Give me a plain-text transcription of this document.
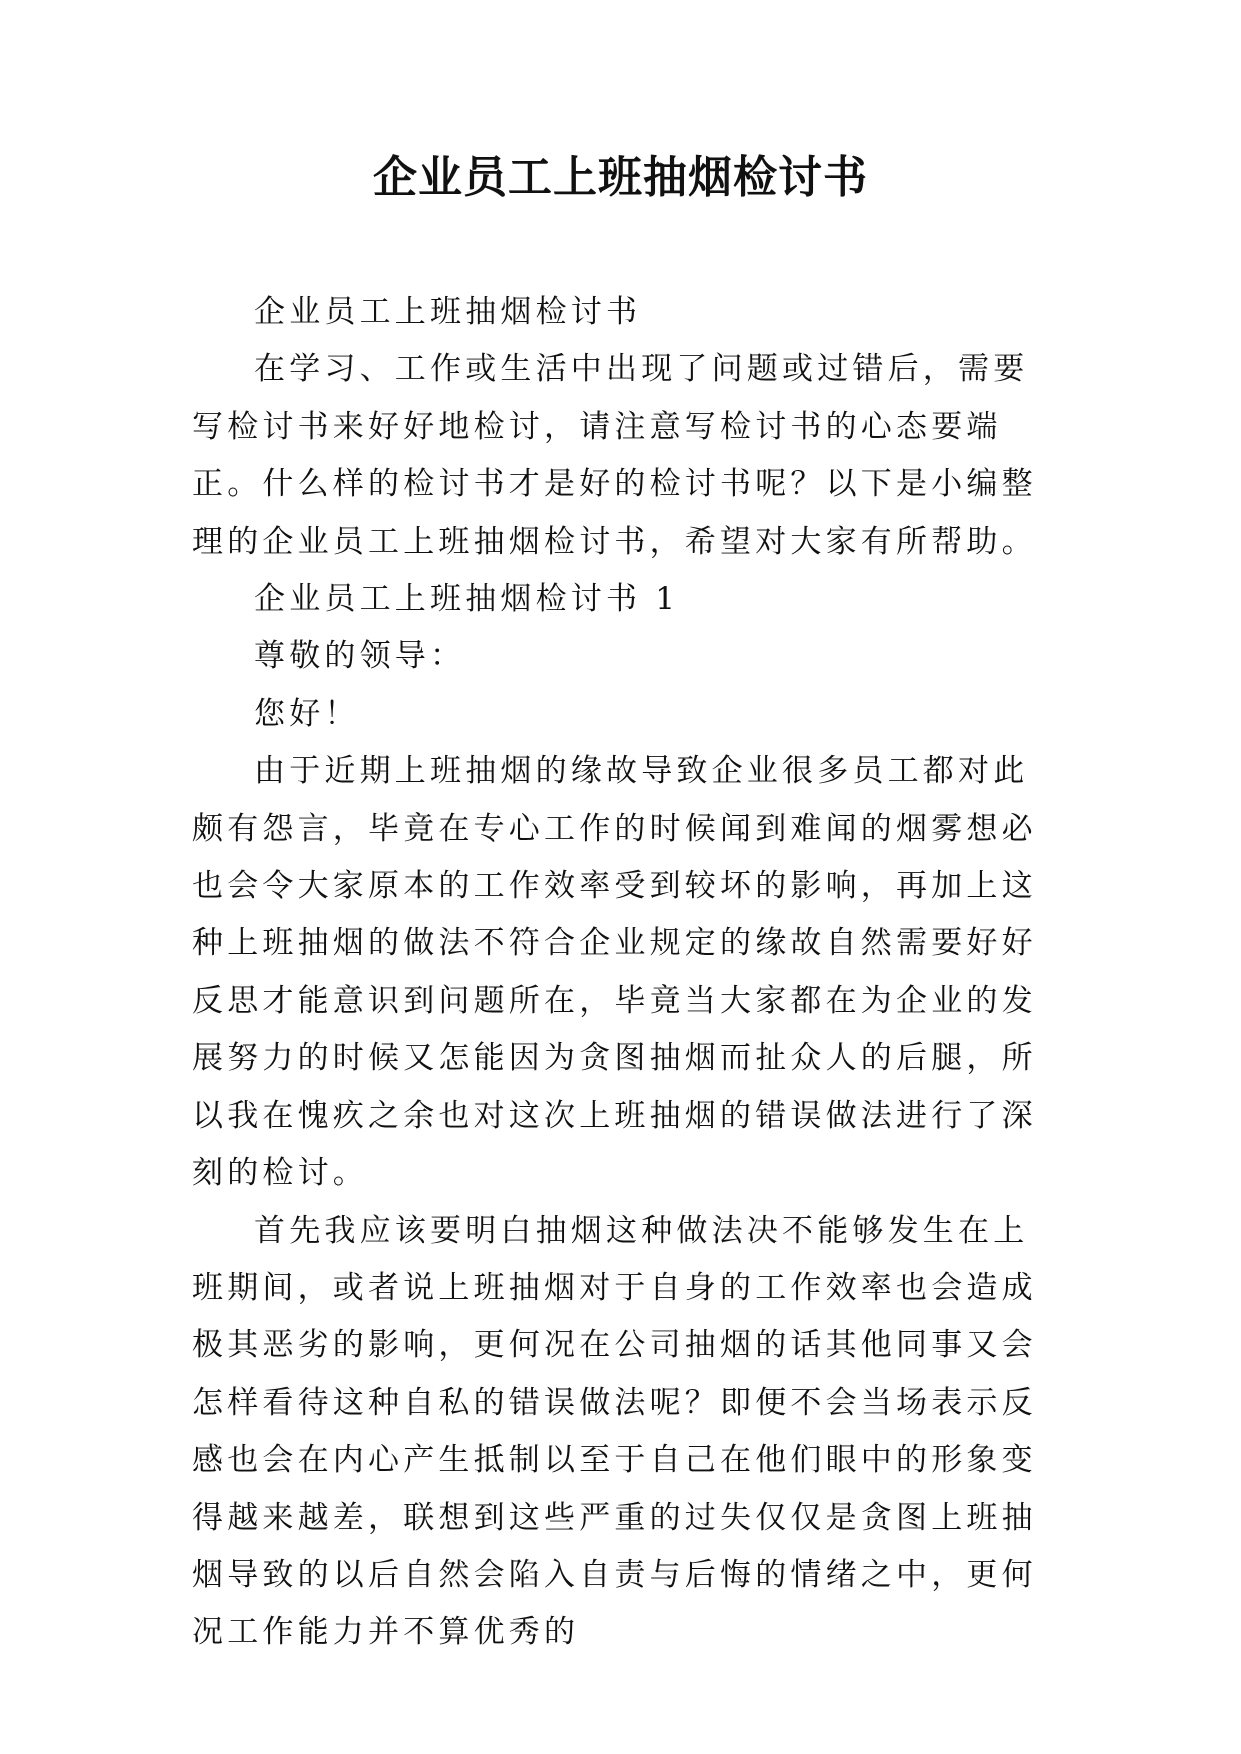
企业员工上班抽烟检讨书

企业员工上班抽烟检讨书

在学习、工作或生活中出现了问题或过错后，需要写检讨书来好好地检讨，请注意写检讨书的心态要端正。什么样的检讨书才是好的检讨书呢？以下是小编整理的企业员工上班抽烟检讨书，希望对大家有所帮助。

企业员工上班抽烟检讨书 1

尊敬的领导：

您好！

由于近期上班抽烟的缘故导致企业很多员工都对此颇有怨言，毕竟在专心工作的时候闻到难闻的烟雾想必也会令大家原本的工作效率受到较坏的影响，再加上这种上班抽烟的做法不符合企业规定的缘故自然需要好好反思才能意识到问题所在，毕竟当大家都在为企业的发展努力的时候又怎能因为贪图抽烟而扯众人的后腿，所以我在愧疚之余也对这次上班抽烟的错误做法进行了深刻的检讨。

首先我应该要明白抽烟这种做法决不能够发生在上班期间，或者说上班抽烟对于自身的工作效率也会造成极其恶劣的影响，更何况在公司抽烟的话其他同事又会怎样看待这种自私的错误做法呢？即便不会当场表示反感也会在内心产生抵制以至于自己在他们眼中的形象变得越来越差，联想到这些严重的过失仅仅是贪图上班抽烟导致的以后自然会陷入自责与后悔的情绪之中，更何况工作能力并不算优秀的
